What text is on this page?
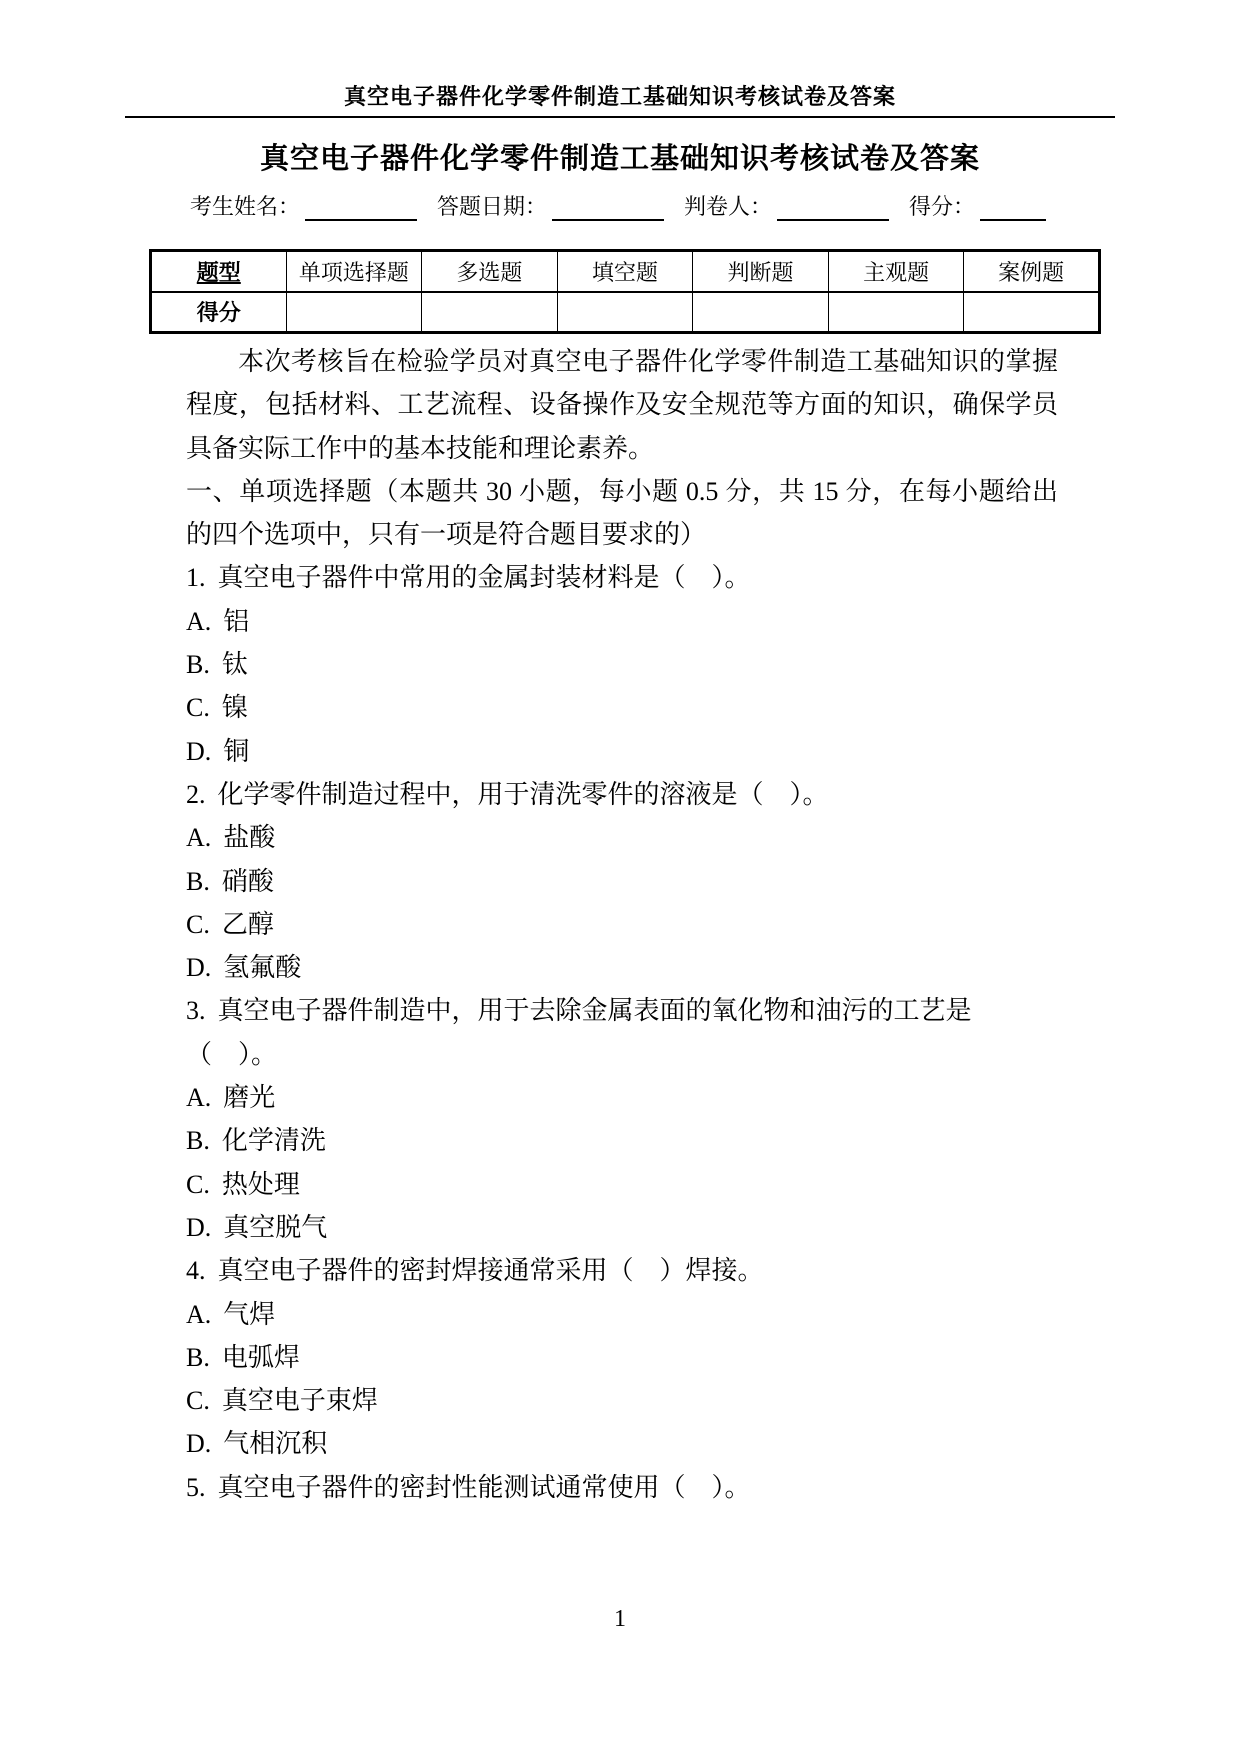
真空电子器件化学零件制造工基础知识考核试卷及答案
真空电子器件化学零件制造工基础知识考核试卷及答案
考生姓名：	答题日期：	判卷人：	得分：
题型	单项选择题	多选题	填空题	判断题	主观题	案例题
得分						

本次考核旨在检验学员对真空电子器件化学零件制造工基础知识的掌握程度，包括材料、工艺流程、设备操作及安全规范等方面的知识，确保学员具备实际工作中的基本技能和理论素养。

一、单项选择题（本题共 30 小题，每小题 0.5 分，共 15 分，在每小题给出的四个选项中，只有一项是符合题目要求的）

1. 真空电子器件中常用的金属封装材料是（　）。
A. 铝
B. 钛
C. 镍
D. 铜
2. 化学零件制造过程中，用于清洗零件的溶液是（　）。
A. 盐酸
B. 硝酸
C. 乙醇
D. 氢氟酸
3. 真空电子器件制造中，用于去除金属表面的氧化物和油污的工艺是（　）。
A. 磨光
B. 化学清洗
C. 热处理
D. 真空脱气
4. 真空电子器件的密封焊接通常采用（　）焊接。
A. 气焊
B. 电弧焊
C. 真空电子束焊
D. 气相沉积
5. 真空电子器件的密封性能测试通常使用（　）。
1
